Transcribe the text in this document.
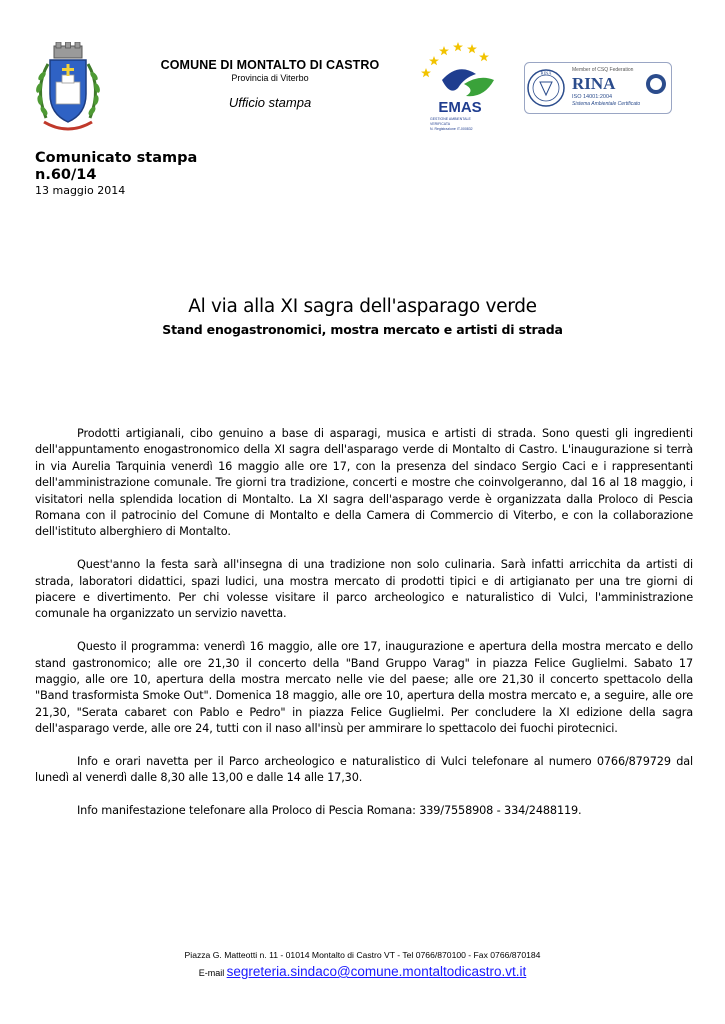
COMUNE DI MONTALTO DI CASTRO
Provincia di Viterbo
Ufficio stampa	EMAS
GESTIONE AMBIENTALE
VERIFICATA
N. Registrazione IT-000832
RINA	Member of CSQ Federation
RINA
ISO 14001:2004
Sistema Ambientale Certificato
Comunicato stampa
n.60/14
13 maggio 2014
Al via alla XI sagra dell'asparago verde
Stand enogastronomici, mostra mercato e artisti di strada

Prodotti artigianali, cibo genuino a base di asparagi, musica e artisti di strada. Sono questi gli ingredienti dell'appuntamento enogastronomico della XI sagra dell'asparago verde di Montalto di Castro. L'inaugurazione si terrà in via Aurelia Tarquinia venerdì 16 maggio alle ore 17, con la presenza del sindaco Sergio Caci e i rappresentanti dell'amministrazione comunale. Tre giorni tra tradizione, concerti e mostre che coinvolgeranno, dal 16 al 18 maggio, i visitatori nella splendida location di Montalto. La XI sagra dell'asparago verde è organizzata dalla Proloco di Pescia Romana con il patrocinio del Comune di Montalto e della Camera di Commercio di Viterbo, e con la collaborazione dell'istituto alberghiero di Montalto.

Quest'anno la festa sarà all'insegna di una tradizione non solo culinaria. Sarà infatti arricchita da artisti di strada, laboratori didattici, spazi ludici, una mostra mercato di prodotti tipici e di artigianato per una tre giorni di piacere e divertimento. Per chi volesse visitare il parco archeologico e naturalistico di Vulci, l'amministrazione comunale ha organizzato un servizio navetta.

Questo il programma: venerdì 16 maggio, alle ore 17, inaugurazione e apertura della mostra mercato e dello stand gastronomico; alle ore 21,30 il concerto della "Band Gruppo Varag" in piazza Felice Guglielmi. Sabato 17 maggio, alle ore 10, apertura della mostra mercato nelle vie del paese; alle ore 21,30 il concerto spettacolo della "Band trasformista Smoke Out". Domenica 18 maggio, alle ore 10, apertura della mostra mercato e, a seguire, alle ore 21,30, "Serata cabaret con Pablo e Pedro" in piazza Felice Guglielmi. Per concludere la XI edizione della sagra dell'asparago verde, alle ore 24, tutti con il naso all'insù per ammirare lo spettacolo dei fuochi pirotecnici.

Info e orari navetta per il Parco archeologico e naturalistico di Vulci telefonare al numero 0766/879729 dal lunedì al venerdì dalle 8,30 alle 13,00 e dalle 14 alle 17,30.

Info manifestazione telefonare alla Proloco di Pescia Romana: 339/7558908 - 334/2488119.

Piazza G. Matteotti n. 11 - 01014 Montalto di Castro VT - Tel 0766/870100 - Fax 0766/870184
E-mail segreteria.sindaco@comune.montaltodicastro.vt.it
